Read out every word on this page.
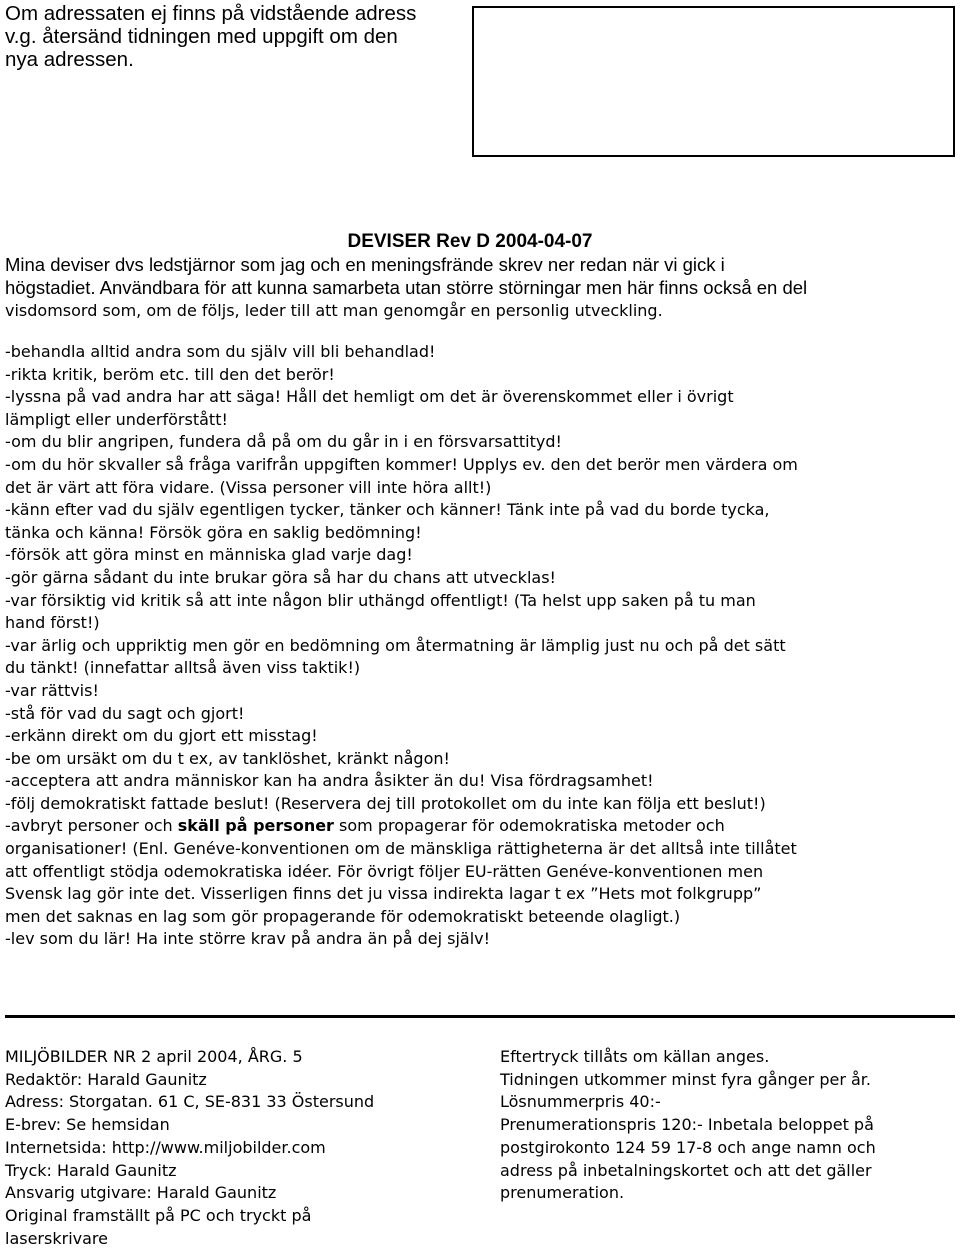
Om adressaten ej finns på vidstående adress
v.g. återsänd tidningen med uppgift om den
nya adressen.
DEVISER Rev D 2004-04-07
Mina deviser dvs ledstjärnor som jag och en meningsfrände skrev ner redan när vi gick i
högstadiet. Användbara för att kunna samarbeta utan större störningar men här finns också en del
visdomsord som, om de följs, leder till att man genomgår en personlig utveckling.
-behandla alltid andra som du själv vill bli behandlad!
-rikta kritik, beröm etc. till den det berör!
-lyssna på vad andra har att säga! Håll det hemligt om det är överenskommet eller i övrigt
lämpligt eller underförstått!
-om du blir angripen, fundera då på om du går in i en försvarsattityd!
-om du hör skvaller så fråga varifrån uppgiften kommer! Upplys ev. den det berör men värdera om
det är värt att föra vidare. (Vissa personer vill inte höra allt!)
-känn efter vad du själv egentligen tycker, tänker och känner! Tänk inte på vad du borde tycka,
tänka och känna! Försök göra en saklig bedömning!
-försök att göra minst en människa glad varje dag!
-gör gärna sådant du inte brukar göra så har du chans att utvecklas!
-var försiktig vid kritik så att inte någon blir uthängd offentligt! (Ta helst upp saken på tu man
hand först!)
-var ärlig och uppriktig men gör en bedömning om återmatning är lämplig just nu och på det sätt
du tänkt! (innefattar alltså även viss taktik!)
-var rättvis!
-stå för vad du sagt och gjort!
-erkänn direkt om du gjort ett misstag!
-be om ursäkt om du t ex, av tanklöshet, kränkt någon!
-acceptera att andra människor kan ha andra åsikter än du! Visa fördragsamhet!
-följ demokratiskt fattade beslut! (Reservera dej till protokollet om du inte kan följa ett beslut!)
-avbryt personer och skäll på personer som propagerar för odemokratiska metoder och
organisationer! (Enl. Genéve-konventionen om de mänskliga rättigheterna är det alltså inte tillåtet
att offentligt stödja odemokratiska idéer. För övrigt följer EU-rätten Genéve-konventionen men
Svensk lag gör inte det. Visserligen finns det ju vissa indirekta lagar t ex ”Hets mot folkgrupp”
men det saknas en lag som gör propagerande för odemokratiskt beteende olagligt.)
-lev som du lär! Ha inte större krav på andra än på dej själv!
MILJÖBILDER NR 2 april 2004, ÅRG. 5
Redaktör: Harald Gaunitz
Adress: Storgatan. 61 C, SE-831 33 Östersund
E-brev: Se hemsidan
Internetsida: http://www.miljobilder.com
Tryck: Harald Gaunitz
Ansvarig utgivare: Harald Gaunitz
Original framställt på PC och tryckt på
laserskrivare
Eftertryck tillåts om källan anges.
Tidningen utkommer minst fyra gånger per år.
Lösnummerpris 40:-
Prenumerationspris 120:- Inbetala beloppet på
postgirokonto 124 59 17-8 och ange namn och
adress på inbetalningskortet och att det gäller
prenumeration.
